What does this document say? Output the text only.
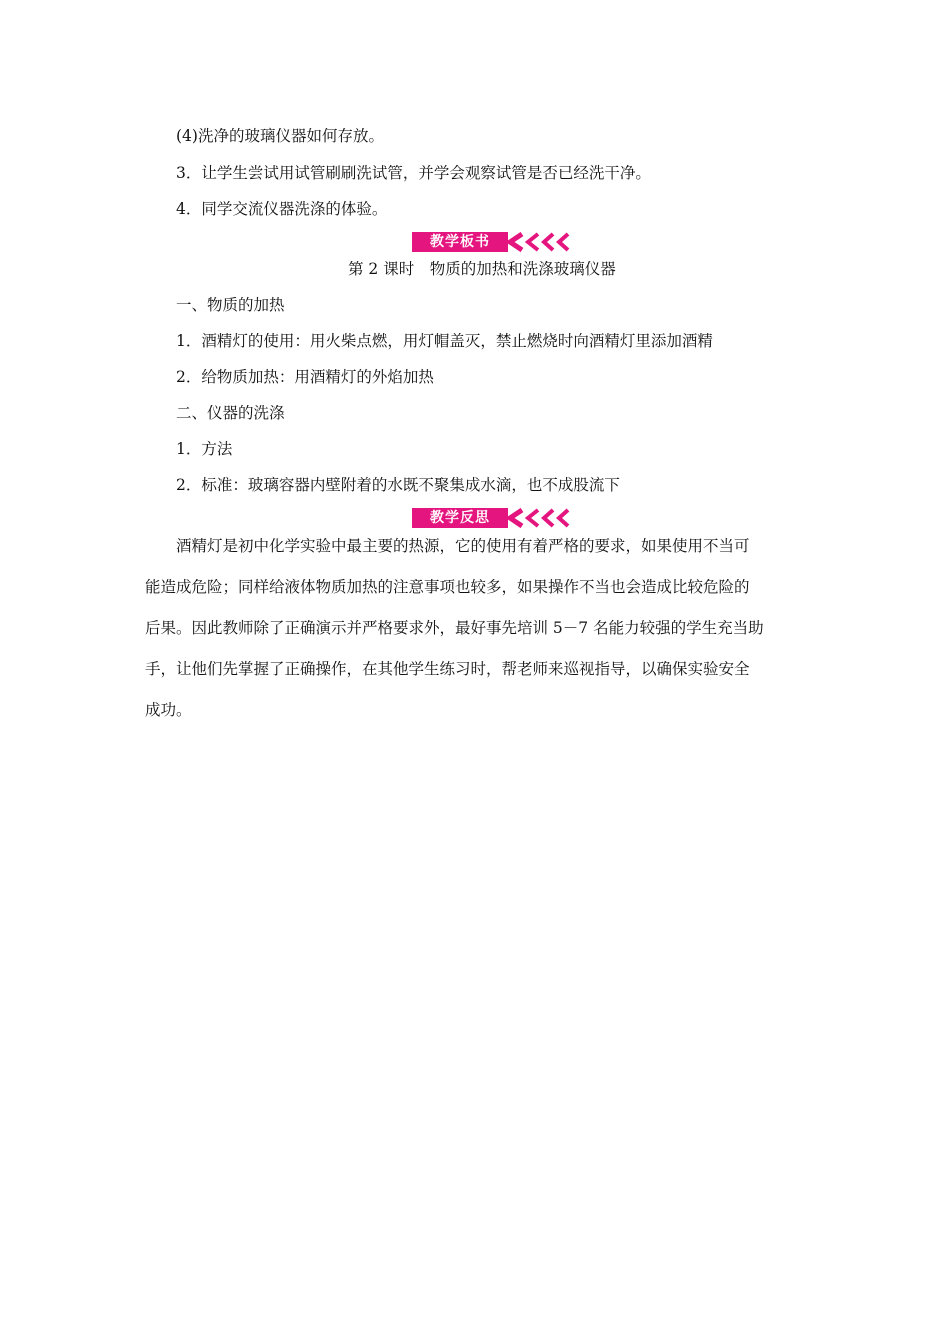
(4)洗净的玻璃仪器如何存放。
3．让学生尝试用试管刷刷洗试管，并学会观察试管是否已经洗干净。
4．同学交流仪器洗涤的体验。
教学板书
第 2 课时　物质的加热和洗涤玻璃仪器
一、物质的加热
1．酒精灯的使用：用火柴点燃，用灯帽盖灭，禁止燃烧时向酒精灯里添加酒精
2．给物质加热：用酒精灯的外焰加热
二、仪器的洗涤
1．方法
2．标准：玻璃容器内壁附着的水既不聚集成水滴，也不成股流下
教学反思
酒精灯是初中化学实验中最主要的热源，它的使用有着严格的要求，如果使用不当可
能造成危险；同样给液体物质加热的注意事项也较多，如果操作不当也会造成比较危险的
后果。因此教师除了正确演示并严格要求外，最好事先培训 5－7 名能力较强的学生充当助
手，让他们先掌握了正确操作，在其他学生练习时，帮老师来巡视指导，以确保实验安全
成功。
